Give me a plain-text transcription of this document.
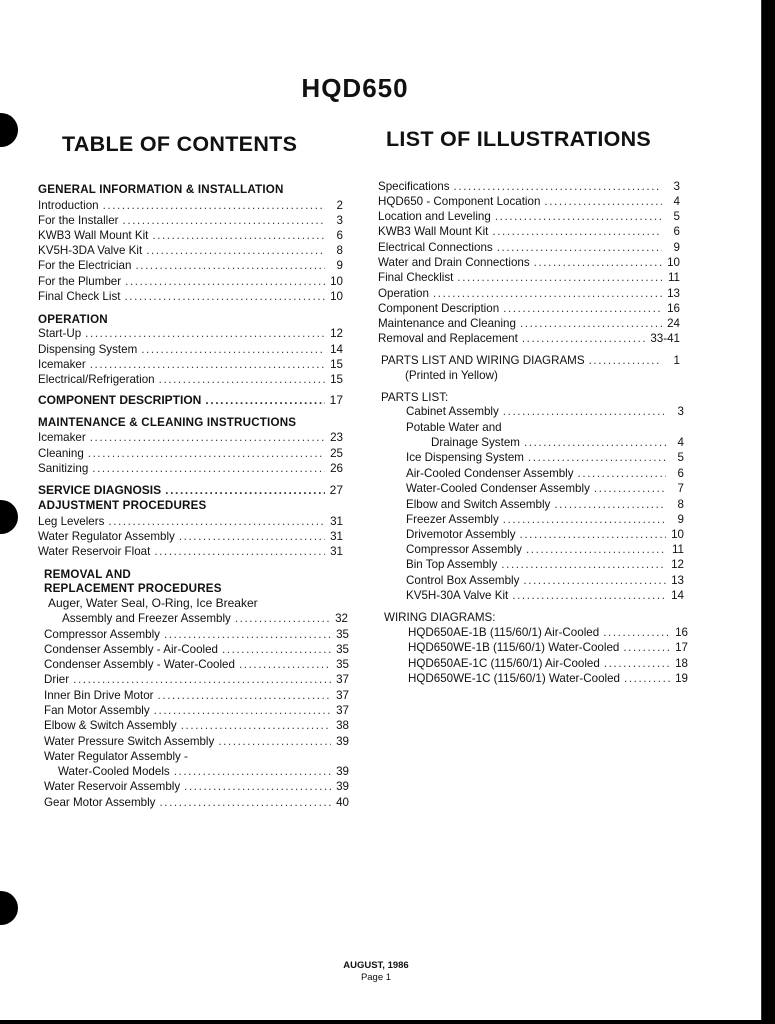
HQD650
TABLE OF CONTENTS	LIST OF ILLUSTRATIONS
GENERAL INFORMATION & INSTALLATION
Introduction .....	2
For the Installer .....	3
KWB3 Wall Mount Kit .....	6
KV5H-3DA Valve Kit .....	8
For the Electrician .....	9
For the Plumber .....	10
Final Check List .....	10
OPERATION
Start-Up .....	12
Dispensing System .....	14
Icemaker .....	15
Electrical/Refrigeration .....	15
COMPONENT DESCRIPTION .....	17
MAINTENANCE & CLEANING INSTRUCTIONS
Icemaker .....	23
Cleaning .....	25
Sanitizing .....	26
SERVICE DIAGNOSIS .....	27
ADJUSTMENT PROCEDURES
Leg Levelers .....	31
Water Regulator Assembly .....	31
Water Reservoir Float .....	31
REMOVAL AND
REPLACEMENT PROCEDURES
Auger, Water Seal, O-Ring, Ice Breaker
Assembly and Freezer Assembly .....	32
Compressor Assembly .....	35
Condenser Assembly - Air-Cooled .....	35
Condenser Assembly - Water-Cooled .....	35
Drier .....	37
Inner Bin Drive Motor .....	37
Fan Motor Assembly .....	37
Elbow & Switch Assembly .....	38
Water Pressure Switch Assembly .....	39
Water Regulator Assembly -
Water-Cooled Models .....	39
Water Reservoir Assembly .....	39
Gear Motor Assembly .....	40
Specifications .....	3
HQD650 - Component Location .....	4
Location and Leveling .....	5
KWB3 Wall Mount Kit .....	6
Electrical Connections .....	9
Water and Drain Connections .....	10
Final Checklist .....	11
Operation .....	13
Component Description .....	16
Maintenance and Cleaning .....	24
Removal and Replacement .....	33-41
PARTS LIST AND WIRING DIAGRAMS .....	1
(Printed in Yellow)
PARTS LIST:
Cabinet Assembly .....	3
Potable Water and
Drainage System .....	4
Ice Dispensing System .....	5
Air-Cooled Condenser Assembly .....	6
Water-Cooled Condenser Assembly .....	7
Elbow and Switch Assembly .....	8
Freezer Assembly .....	9
Drivemotor Assembly .....	10
Compressor Assembly .....	11
Bin Top Assembly .....	12
Control Box Assembly .....	13
KV5H-30A Valve Kit .....	14
WIRING DIAGRAMS:
HQD650AE-1B (115/60/1) Air-Cooled .....	16
HQD650WE-1B (115/60/1) Water-Cooled .....	17
HQD650AE-1C (115/60/1) Air-Cooled .....	18
HQD650WE-1C (115/60/1) Water-Cooled .....	19
AUGUST, 1986
Page 1
